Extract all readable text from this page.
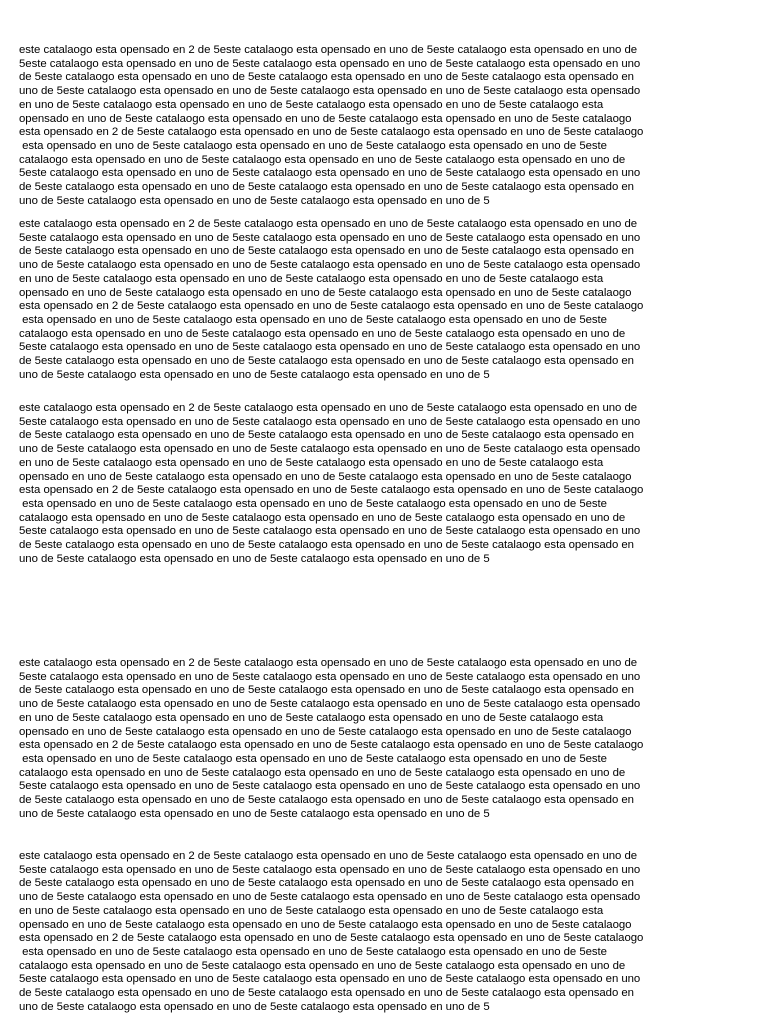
este catalaogo esta opensado en 2 de 5este catalaogo esta opensado en uno de 5este catalaogo esta opensado en uno de
5este catalaogo esta opensado en uno de 5este catalaogo esta opensado en uno de 5este catalaogo esta opensado en uno
de 5este catalaogo esta opensado en uno de 5este catalaogo esta opensado en uno de 5este catalaogo esta opensado en
uno de 5este catalaogo esta opensado en uno de 5este catalaogo esta opensado en uno de 5este catalaogo esta opensado
en uno de 5este catalaogo esta opensado en uno de 5este catalaogo esta opensado en uno de 5este catalaogo esta
opensado en uno de 5este catalaogo esta opensado en uno de 5este catalaogo esta opensado en uno de 5este catalaogo
esta opensado en 2 de 5este catalaogo esta opensado en uno de 5este catalaogo esta opensado en uno de 5este catalaogo
esta opensado en uno de 5este catalaogo esta opensado en uno de 5este catalaogo esta opensado en uno de 5este
catalaogo esta opensado en uno de 5este catalaogo esta opensado en uno de 5este catalaogo esta opensado en uno de
5este catalaogo esta opensado en uno de 5este catalaogo esta opensado en uno de 5este catalaogo esta opensado en uno
de 5este catalaogo esta opensado en uno de 5este catalaogo esta opensado en uno de 5este catalaogo esta opensado en
uno de 5este catalaogo esta opensado en uno de 5este catalaogo esta opensado en uno de 5

este catalaogo esta opensado en 2 de 5este catalaogo esta opensado en uno de 5este catalaogo esta opensado en uno de
5este catalaogo esta opensado en uno de 5este catalaogo esta opensado en uno de 5este catalaogo esta opensado en uno
de 5este catalaogo esta opensado en uno de 5este catalaogo esta opensado en uno de 5este catalaogo esta opensado en
uno de 5este catalaogo esta opensado en uno de 5este catalaogo esta opensado en uno de 5este catalaogo esta opensado
en uno de 5este catalaogo esta opensado en uno de 5este catalaogo esta opensado en uno de 5este catalaogo esta
opensado en uno de 5este catalaogo esta opensado en uno de 5este catalaogo esta opensado en uno de 5este catalaogo
esta opensado en 2 de 5este catalaogo esta opensado en uno de 5este catalaogo esta opensado en uno de 5este catalaogo
esta opensado en uno de 5este catalaogo esta opensado en uno de 5este catalaogo esta opensado en uno de 5este
catalaogo esta opensado en uno de 5este catalaogo esta opensado en uno de 5este catalaogo esta opensado en uno de
5este catalaogo esta opensado en uno de 5este catalaogo esta opensado en uno de 5este catalaogo esta opensado en uno
de 5este catalaogo esta opensado en uno de 5este catalaogo esta opensado en uno de 5este catalaogo esta opensado en
uno de 5este catalaogo esta opensado en uno de 5este catalaogo esta opensado en uno de 5

este catalaogo esta opensado en 2 de 5este catalaogo esta opensado en uno de 5este catalaogo esta opensado en uno de
5este catalaogo esta opensado en uno de 5este catalaogo esta opensado en uno de 5este catalaogo esta opensado en uno
de 5este catalaogo esta opensado en uno de 5este catalaogo esta opensado en uno de 5este catalaogo esta opensado en
uno de 5este catalaogo esta opensado en uno de 5este catalaogo esta opensado en uno de 5este catalaogo esta opensado
en uno de 5este catalaogo esta opensado en uno de 5este catalaogo esta opensado en uno de 5este catalaogo esta
opensado en uno de 5este catalaogo esta opensado en uno de 5este catalaogo esta opensado en uno de 5este catalaogo
esta opensado en 2 de 5este catalaogo esta opensado en uno de 5este catalaogo esta opensado en uno de 5este catalaogo
esta opensado en uno de 5este catalaogo esta opensado en uno de 5este catalaogo esta opensado en uno de 5este
catalaogo esta opensado en uno de 5este catalaogo esta opensado en uno de 5este catalaogo esta opensado en uno de
5este catalaogo esta opensado en uno de 5este catalaogo esta opensado en uno de 5este catalaogo esta opensado en uno
de 5este catalaogo esta opensado en uno de 5este catalaogo esta opensado en uno de 5este catalaogo esta opensado en
uno de 5este catalaogo esta opensado en uno de 5este catalaogo esta opensado en uno de 5

este catalaogo esta opensado en 2 de 5este catalaogo esta opensado en uno de 5este catalaogo esta opensado en uno de
5este catalaogo esta opensado en uno de 5este catalaogo esta opensado en uno de 5este catalaogo esta opensado en uno
de 5este catalaogo esta opensado en uno de 5este catalaogo esta opensado en uno de 5este catalaogo esta opensado en
uno de 5este catalaogo esta opensado en uno de 5este catalaogo esta opensado en uno de 5este catalaogo esta opensado
en uno de 5este catalaogo esta opensado en uno de 5este catalaogo esta opensado en uno de 5este catalaogo esta
opensado en uno de 5este catalaogo esta opensado en uno de 5este catalaogo esta opensado en uno de 5este catalaogo
esta opensado en 2 de 5este catalaogo esta opensado en uno de 5este catalaogo esta opensado en uno de 5este catalaogo
esta opensado en uno de 5este catalaogo esta opensado en uno de 5este catalaogo esta opensado en uno de 5este
catalaogo esta opensado en uno de 5este catalaogo esta opensado en uno de 5este catalaogo esta opensado en uno de
5este catalaogo esta opensado en uno de 5este catalaogo esta opensado en uno de 5este catalaogo esta opensado en uno
de 5este catalaogo esta opensado en uno de 5este catalaogo esta opensado en uno de 5este catalaogo esta opensado en
uno de 5este catalaogo esta opensado en uno de 5este catalaogo esta opensado en uno de 5

este catalaogo esta opensado en 2 de 5este catalaogo esta opensado en uno de 5este catalaogo esta opensado en uno de
5este catalaogo esta opensado en uno de 5este catalaogo esta opensado en uno de 5este catalaogo esta opensado en uno
de 5este catalaogo esta opensado en uno de 5este catalaogo esta opensado en uno de 5este catalaogo esta opensado en
uno de 5este catalaogo esta opensado en uno de 5este catalaogo esta opensado en uno de 5este catalaogo esta opensado
en uno de 5este catalaogo esta opensado en uno de 5este catalaogo esta opensado en uno de 5este catalaogo esta
opensado en uno de 5este catalaogo esta opensado en uno de 5este catalaogo esta opensado en uno de 5este catalaogo
esta opensado en 2 de 5este catalaogo esta opensado en uno de 5este catalaogo esta opensado en uno de 5este catalaogo
esta opensado en uno de 5este catalaogo esta opensado en uno de 5este catalaogo esta opensado en uno de 5este
catalaogo esta opensado en uno de 5este catalaogo esta opensado en uno de 5este catalaogo esta opensado en uno de
5este catalaogo esta opensado en uno de 5este catalaogo esta opensado en uno de 5este catalaogo esta opensado en uno
de 5este catalaogo esta opensado en uno de 5este catalaogo esta opensado en uno de 5este catalaogo esta opensado en
uno de 5este catalaogo esta opensado en uno de 5este catalaogo esta opensado en uno de 5
